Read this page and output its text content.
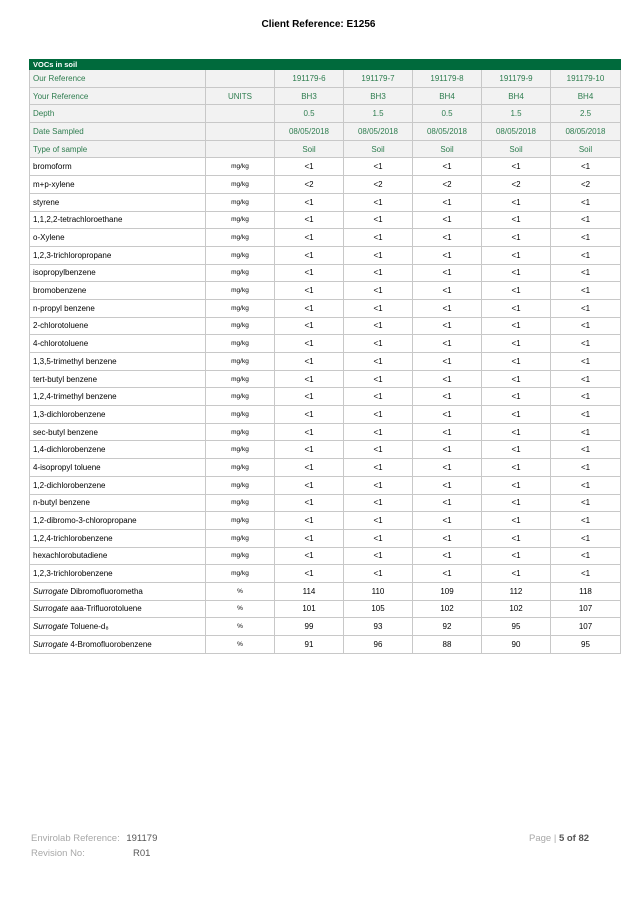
Client Reference: E1256
VOCs in soil						
Our Reference		191179-6	191179-7	191179-8	191179-9	191179-10
Your Reference	UNITS	BH3	BH3	BH4	BH4	BH4
Depth		0.5	1.5	0.5	1.5	2.5
Date Sampled		08/05/2018	08/05/2018	08/05/2018	08/05/2018	08/05/2018
Type of sample		Soil	Soil	Soil	Soil	Soil
bromoform	mg/kg	<1	<1	<1	<1	<1
m+p-xylene	mg/kg	<2	<2	<2	<2	<2
styrene	mg/kg	<1	<1	<1	<1	<1
1,1,2,2-tetrachloroethane	mg/kg	<1	<1	<1	<1	<1
o-Xylene	mg/kg	<1	<1	<1	<1	<1
1,2,3-trichloropropane	mg/kg	<1	<1	<1	<1	<1
isopropylbenzene	mg/kg	<1	<1	<1	<1	<1
bromobenzene	mg/kg	<1	<1	<1	<1	<1
n-propyl benzene	mg/kg	<1	<1	<1	<1	<1
2-chlorotoluene	mg/kg	<1	<1	<1	<1	<1
4-chlorotoluene	mg/kg	<1	<1	<1	<1	<1
1,3,5-trimethyl benzene	mg/kg	<1	<1	<1	<1	<1
tert-butyl benzene	mg/kg	<1	<1	<1	<1	<1
1,2,4-trimethyl benzene	mg/kg	<1	<1	<1	<1	<1
1,3-dichlorobenzene	mg/kg	<1	<1	<1	<1	<1
sec-butyl benzene	mg/kg	<1	<1	<1	<1	<1
1,4-dichlorobenzene	mg/kg	<1	<1	<1	<1	<1
4-isopropyl toluene	mg/kg	<1	<1	<1	<1	<1
1,2-dichlorobenzene	mg/kg	<1	<1	<1	<1	<1
n-butyl benzene	mg/kg	<1	<1	<1	<1	<1
1,2-dibromo-3-chloropropane	mg/kg	<1	<1	<1	<1	<1
1,2,4-trichlorobenzene	mg/kg	<1	<1	<1	<1	<1
hexachlorobutadiene	mg/kg	<1	<1	<1	<1	<1
1,2,3-trichlorobenzene	mg/kg	<1	<1	<1	<1	<1
Surrogate Dibromofluorometha	%	114	110	109	112	118
Surrogate aaa-Trifluorotoluene	%	101	105	102	102	107
Surrogate Toluene-d₈	%	99	93	92	95	107
Surrogate 4-Bromofluorobenzene	%	91	96	88	90	95
Envirolab Reference: 191179
Revision No:	R01
Page | 5 of 82
